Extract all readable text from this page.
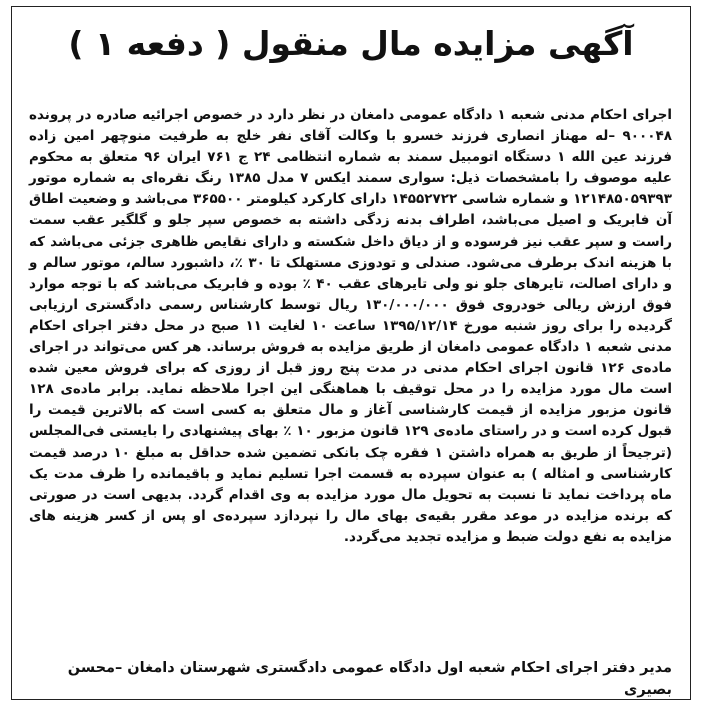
آگهی مزایده مال منقول ( دفعه ۱ )

اجرای احکام مدنی شعبه ۱ دادگاه عمومی دامغان در نظر دارد در خصوص اجرائیه صادره در پرونده ۹۰۰۰۴۸ –له مهناز انصاری فرزند خسرو با وکالت آقای نفر خلج به طرفیت منوچهر امین زاده فرزند عین الله ۱ دستگاه اتومبیل سمند به شماره انتظامی ۲۴ ج ۷۶۱ ایران ۹۶ متعلق به محکوم علیه موصوف را بامشخصات ذیل: سواری سمند ایکس ۷ مدل ۱۳۸۵ رنگ نقره‌ای به شماره موتور ۱۲۱۴۸۵۰۵۹۳۹۳ و شماره شاسی ۱۴۵۵۲۷۲۲ دارای کارکرد کیلومتر ۳۶۵۵۰۰ می‌باشد و وضعیت اطاق آن فابریک و اصیل می‌باشد، اطراف بدنه زدگی داشته به خصوص سپر جلو و گلگیر عقب سمت راست و سپر عقب نیز فرسوده و از دیاق داخل شکسته و دارای نقایص ظاهری جزئی می‌باشد که با هزینه اندک برطرف می‌شود. صندلی و تودوزی مستهلک تا ۳۰ ٪، داشبورد سالم، موتور سالم و و دارای اصالت، تایرهای جلو نو ولی تایرهای عقب ۴۰ ٪ بوده و فابریک می‌باشد که با توجه موارد فوق ارزش ریالی خودروی فوق ۱۳۰/۰۰۰/۰۰۰ ریال توسط کارشناس رسمی دادگستری ارزیابی گردیده را برای روز شنبه مورخ ۱۳۹۵/۱۲/۱۴ ساعت ۱۰ لغایت ۱۱ صبح در محل دفتر اجرای احکام مدنی شعبه ۱ دادگاه عمومی دامغان از طریق مزایده به فروش برساند. هر کس می‌تواند در اجرای ماده‌ی ۱۲۶ قانون اجرای احکام مدنی در مدت پنج روز قبل از روزی که برای فروش معین شده است مال مورد مزایده را در محل توقیف با هماهنگی این اجرا ملاحظه نماید. برابر ماده‌ی ۱۲۸ قانون مزبور مزایده از قیمت کارشناسی آغاز و مال متعلق به کسی است که بالاترین قیمت را قبول کرده است و در راستای ماده‌ی ۱۲۹ قانون مزبور ۱۰ ٪ بهای پیشنهادی را بایستی فی‌المجلس (ترجیحاً از طریق به همراه داشتن ۱ فقره چک بانکی تضمین شده حداقل به مبلغ ۱۰ درصد قیمت کارشناسی و امثاله ) به عنوان سپرده به قسمت اجرا تسلیم نماید و باقیمانده را ظرف مدت یک ماه پرداخت نماید تا نسبت به تحویل مال مورد مزایده به وی اقدام گردد. بدیهی است در صورتی که برنده مزایده در موعد مقرر بقیه‌ی بهای مال را نپردازد سپرده‌ی او پس از کسر هزینه های مزایده به نفع دولت ضبط و مزایده تجدید می‌گردد.

مدیر دفتر اجرای احکام شعبه اول دادگاه عمومی دادگستری شهرستان دامغان –محسن بصیری
